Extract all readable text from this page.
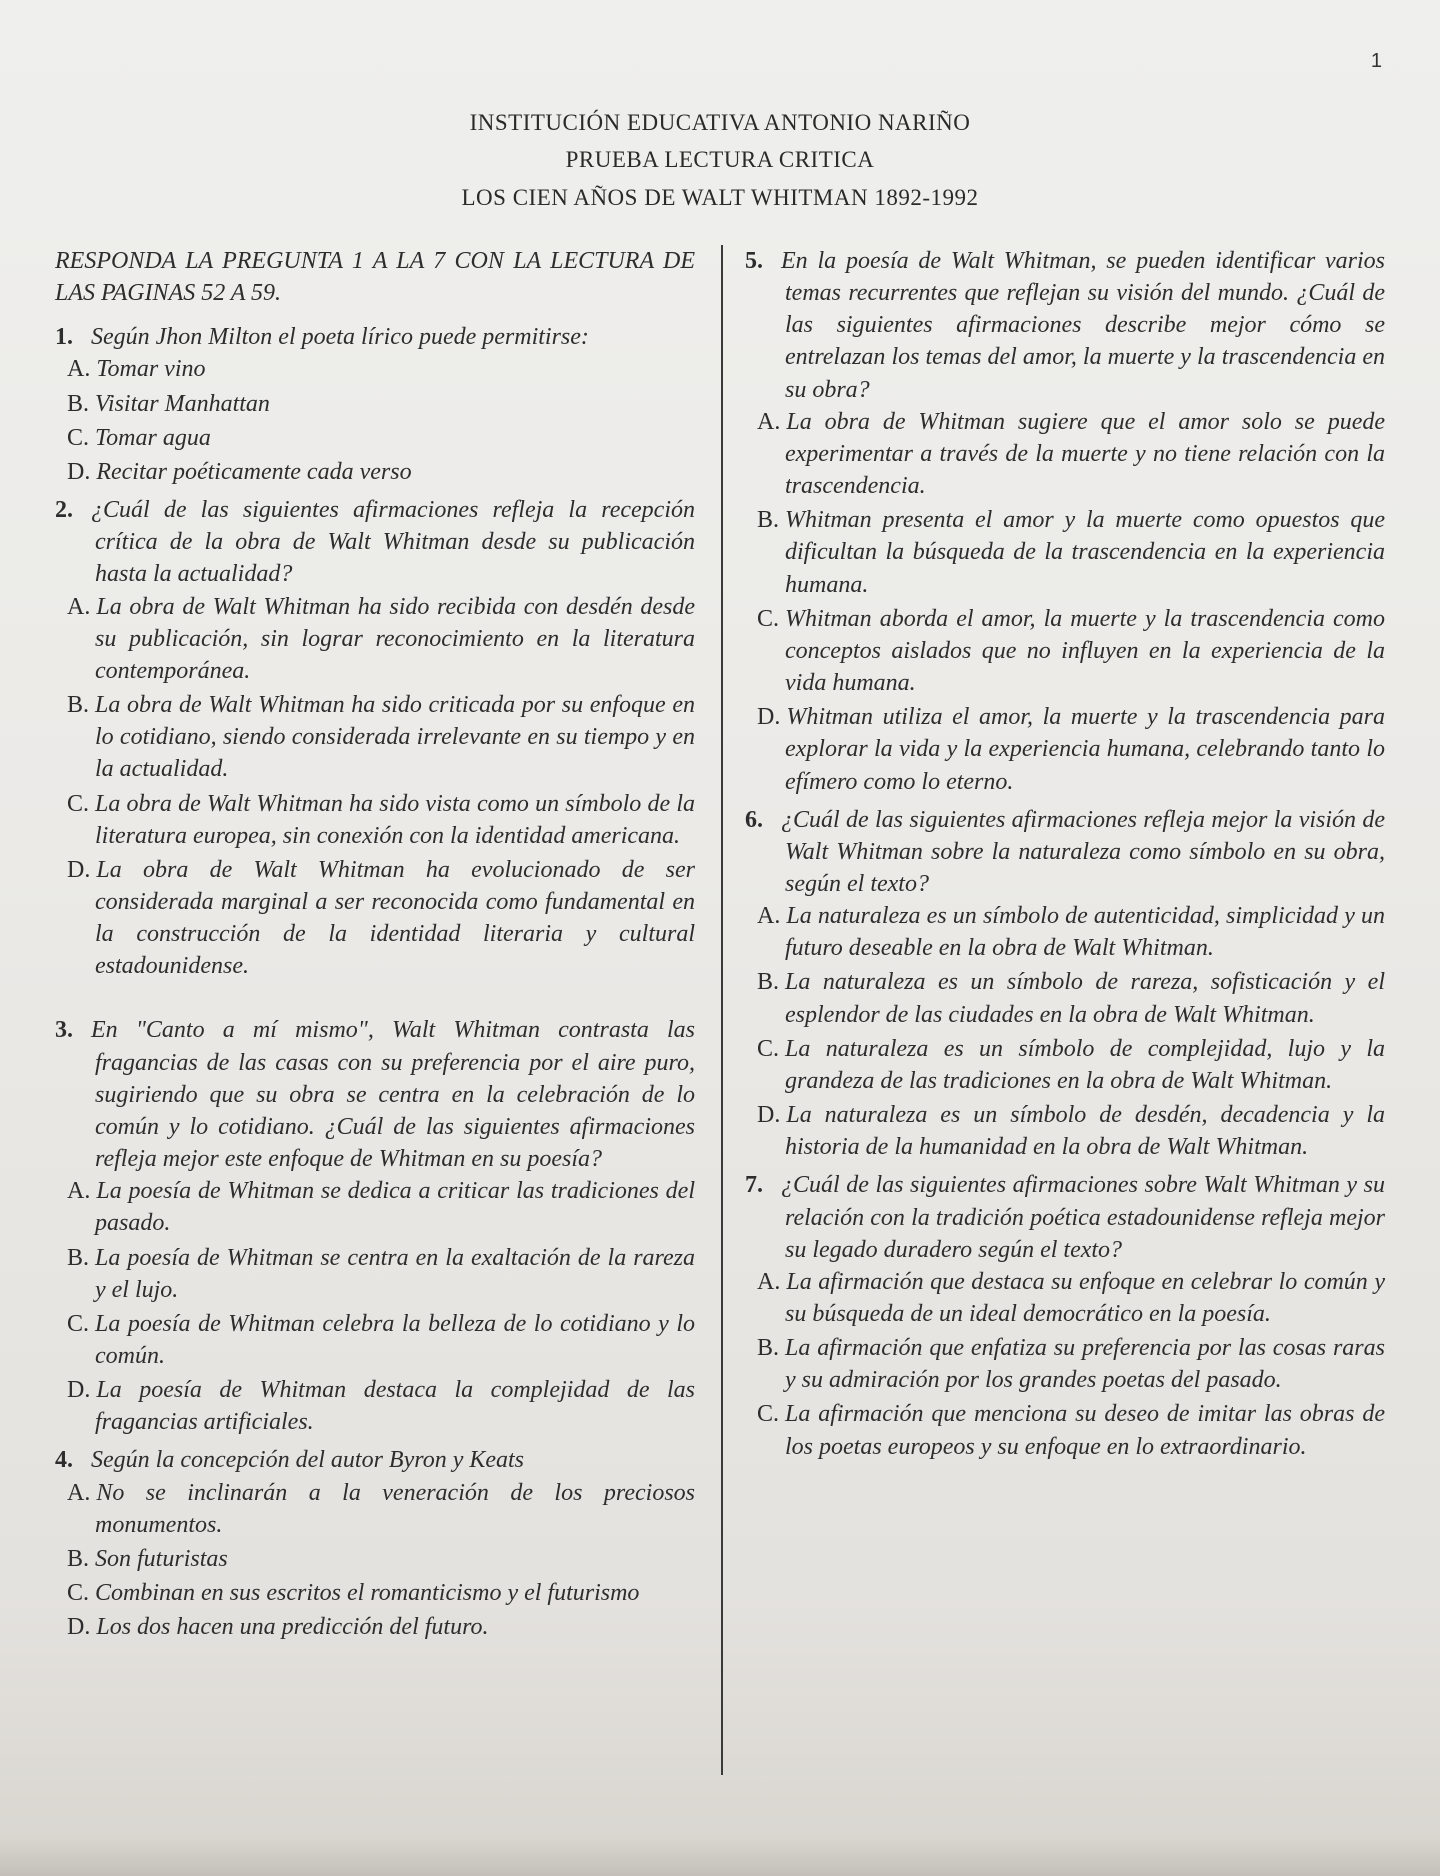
1
INSTITUCIÓN EDUCATIVA ANTONIO NARIÑO
PRUEBA LECTURA CRITICA
LOS CIEN AÑOS DE WALT WHITMAN 1892-1992
RESPONDA LA PREGUNTA 1 A LA 7 CON LA LECTURA DE LAS PAGINAS 52 A 59.
1. Según Jhon Milton el poeta lírico puede permitirse:
A. Tomar vino
B. Visitar Manhattan
C. Tomar agua
D. Recitar poéticamente cada verso
2. ¿Cuál de las siguientes afirmaciones refleja la recepción crítica de la obra de Walt Whitman desde su publicación hasta la actualidad?
A. La obra de Walt Whitman ha sido recibida con desdén desde su publicación, sin lograr reconocimiento en la literatura contemporánea.
B. La obra de Walt Whitman ha sido criticada por su enfoque en lo cotidiano, siendo considerada irrelevante en su tiempo y en la actualidad.
C. La obra de Walt Whitman ha sido vista como un símbolo de la literatura europea, sin conexión con la identidad americana.
D. La obra de Walt Whitman ha evolucionado de ser considerada marginal a ser reconocida como fundamental en la construcción de la identidad literaria y cultural estadounidense.
3. En "Canto a mí mismo", Walt Whitman contrasta las fragancias de las casas con su preferencia por el aire puro, sugiriendo que su obra se centra en la celebración de lo común y lo cotidiano. ¿Cuál de las siguientes afirmaciones refleja mejor este enfoque de Whitman en su poesía?
A. La poesía de Whitman se dedica a criticar las tradiciones del pasado.
B. La poesía de Whitman se centra en la exaltación de la rareza y el lujo.
C. La poesía de Whitman celebra la belleza de lo cotidiano y lo común.
D. La poesía de Whitman destaca la complejidad de las fragancias artificiales.
4. Según la concepción del autor Byron y Keats
A. No se inclinarán a la veneración de los preciosos monumentos.
B. Son futuristas
C. Combinan en sus escritos el romanticismo y el futurismo
D. Los dos hacen una predicción del futuro.
5. En la poesía de Walt Whitman, se pueden identificar varios temas recurrentes que reflejan su visión del mundo. ¿Cuál de las siguientes afirmaciones describe mejor cómo se entrelazan los temas del amor, la muerte y la trascendencia en su obra?
A. La obra de Whitman sugiere que el amor solo se puede experimentar a través de la muerte y no tiene relación con la trascendencia.
B. Whitman presenta el amor y la muerte como opuestos que dificultan la búsqueda de la trascendencia en la experiencia humana.
C. Whitman aborda el amor, la muerte y la trascendencia como conceptos aislados que no influyen en la experiencia de la vida humana.
D. Whitman utiliza el amor, la muerte y la trascendencia para explorar la vida y la experiencia humana, celebrando tanto lo efímero como lo eterno.
6. ¿Cuál de las siguientes afirmaciones refleja mejor la visión de Walt Whitman sobre la naturaleza como símbolo en su obra, según el texto?
A. La naturaleza es un símbolo de autenticidad, simplicidad y un futuro deseable en la obra de Walt Whitman.
B. La naturaleza es un símbolo de rareza, sofisticación y el esplendor de las ciudades en la obra de Walt Whitman.
C. La naturaleza es un símbolo de complejidad, lujo y la grandeza de las tradiciones en la obra de Walt Whitman.
D. La naturaleza es un símbolo de desdén, decadencia y la historia de la humanidad en la obra de Walt Whitman.
7. ¿Cuál de las siguientes afirmaciones sobre Walt Whitman y su relación con la tradición poética estadounidense refleja mejor su legado duradero según el texto?
A. La afirmación que destaca su enfoque en celebrar lo común y su búsqueda de un ideal democrático en la poesía.
B. La afirmación que enfatiza su preferencia por las cosas raras y su admiración por los grandes poetas del pasado.
C. La afirmación que menciona su deseo de imitar las obras de los poetas europeos y su enfoque en lo extraordinario.
